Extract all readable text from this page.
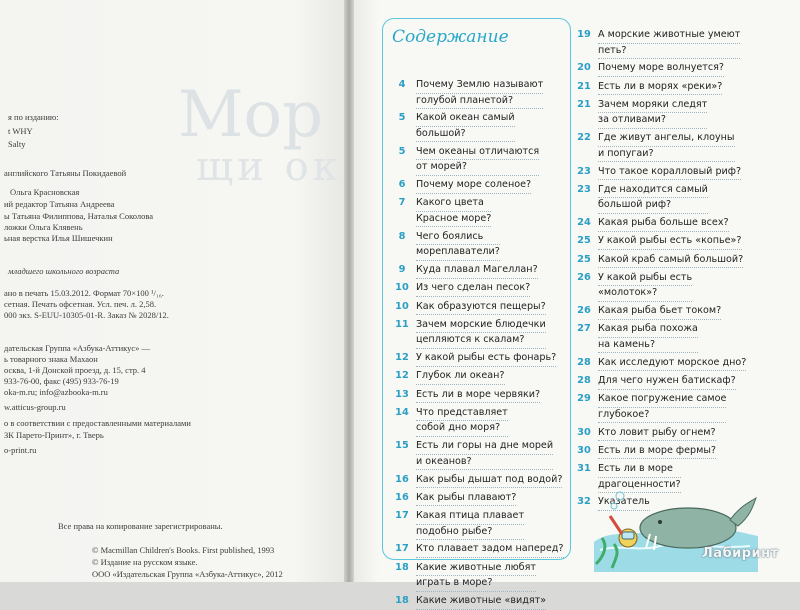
Мор
щи ок
я по изданию:
t WHY
Salty
английского Татьяны Покидаевой
Ольга Красновская
ий редактор Татьяна Андреева
ы Татьяна Филиппова, Наталья Соколова
ложки Ольга Клявень
ьная верстка Илья Шишечкин
младшего школьного возраста
ано в печать 15.03.2012. Формат 70×100 ¹/₁₆.
сетная. Печать офсетная. Усл. печ. л. 2,58.
000 экз. S-EUU-10305-01-R. Заказ № 2028/12.
дательская Группа «Азбука-Аттикус» —
ь товарного знака Махаон
осква, 1-й Донской проезд, д. 15, стр. 4
933-76-00, факс (495) 933-76-19
oka-m.ru; info@azbooka-m.ru
w.atticus-group.ru
о в соответствии с предоставленными материалами
ЗК Парето-Принт», г. Тверь
o-print.ru
Все права на копирование зарегистрированы.
© Macmillan Children's Books. First published, 1993
© Издание на русском языке.
ООО «Издательская Группа «Азбука-Аттикус», 2012
Содержание
4	Почему Землю называют
голубой планетой?
5	Какой океан самый
большой?
5	Чем океаны отличаются
от морей?
6	Почему море соленое?
7	Какого цвета
Красное море?
8	Чего боялись
мореплаватели?
9	Куда плавал Магеллан?
10 Из чего сделан песок?
10 Как образуются пещеры?
11 Зачем морские блюдечки
цепляются к скалам?
12 У какой рыбы есть фонарь?
12 Глубок ли океан?
13 Есть ли в море червяки?
14 Что представляет
собой дно моря?
15 Есть ли горы на дне морей
и океанов?
16 Как рыбы дышат под водой?
16 Как рыбы плавают?
17 Какая птица плавает
подобно рыбе?
17 Кто плавает задом наперед?
18 Какие животные любят
играть в море?
18 Какие животные «видят»
19 А морские животные умеют
петь?
20 Почему море волнуется?
21 Есть ли в морях «реки»?
21 Зачем моряки следят
за отливами?
22 Где живут ангелы, клоуны
и попугаи?
23 Что такое коралловый риф?
23 Где находится самый
большой риф?
24 Какая рыба больше всех?
25 У какой рыбы есть «копье»?
25 Какой краб самый большой?
26 У какой рыбы есть
«молоток»?
26 Какая рыба бьет током?
27 Какая рыба похожа
на камень?
28 Как исследуют морское дно?
28 Для чего нужен батискаф?
29 Какое погружение самое
глубокое?
30 Кто ловит рыбу огнем?
30 Есть ли в море фермы?
31 Есть ли в море
драгоценности?
32 Указатель
Лабиринт
